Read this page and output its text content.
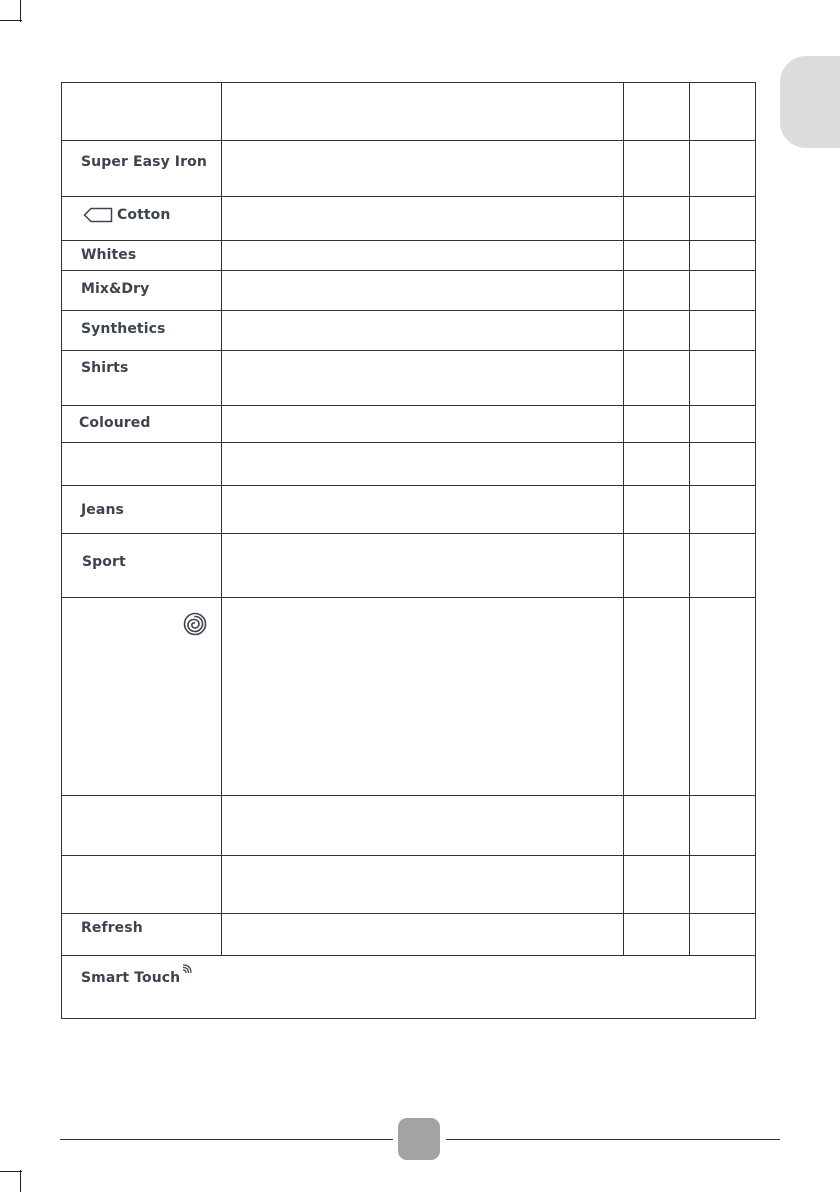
Super Easy Iron
Cotton
Whites
Mix&Dry
Synthetics
Shirts
Coloured
Jeans
Sport
Refresh
Smart Touch
